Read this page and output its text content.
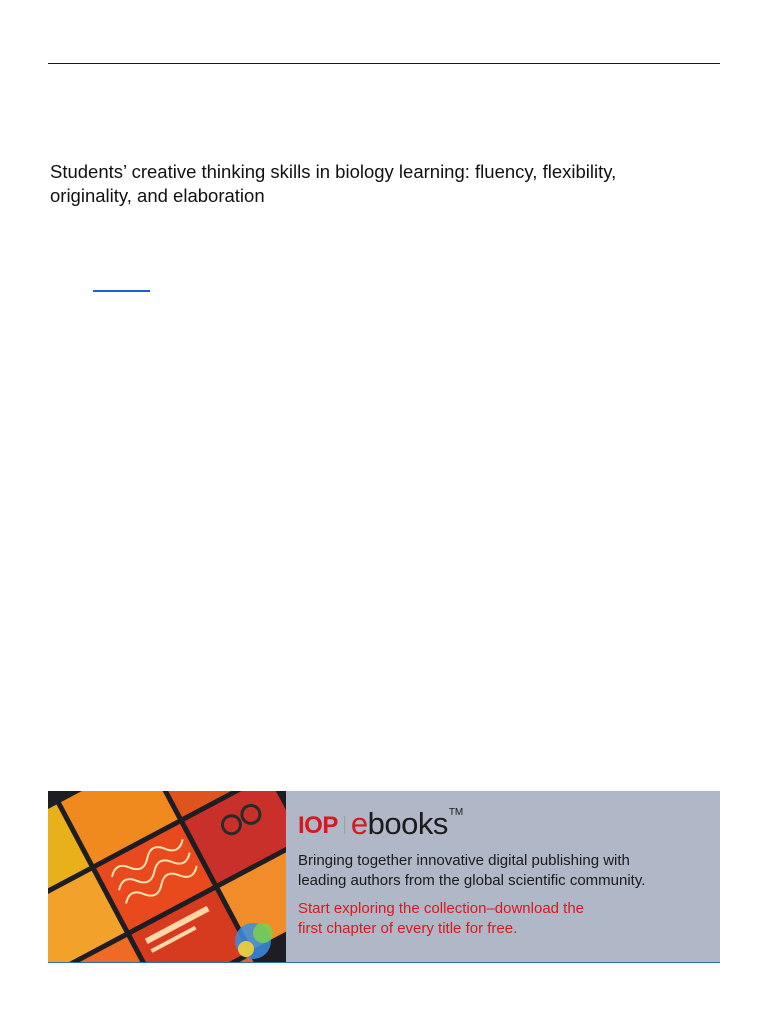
Students’ creative thinking skills in biology learning: fluency, flexibility,
originality, and elaboration
IOP ebooks TM

Bringing together innovative digital publishing with
leading authors from the global scientific community.

Start exploring the collection–download the
first chapter of every title for free.
